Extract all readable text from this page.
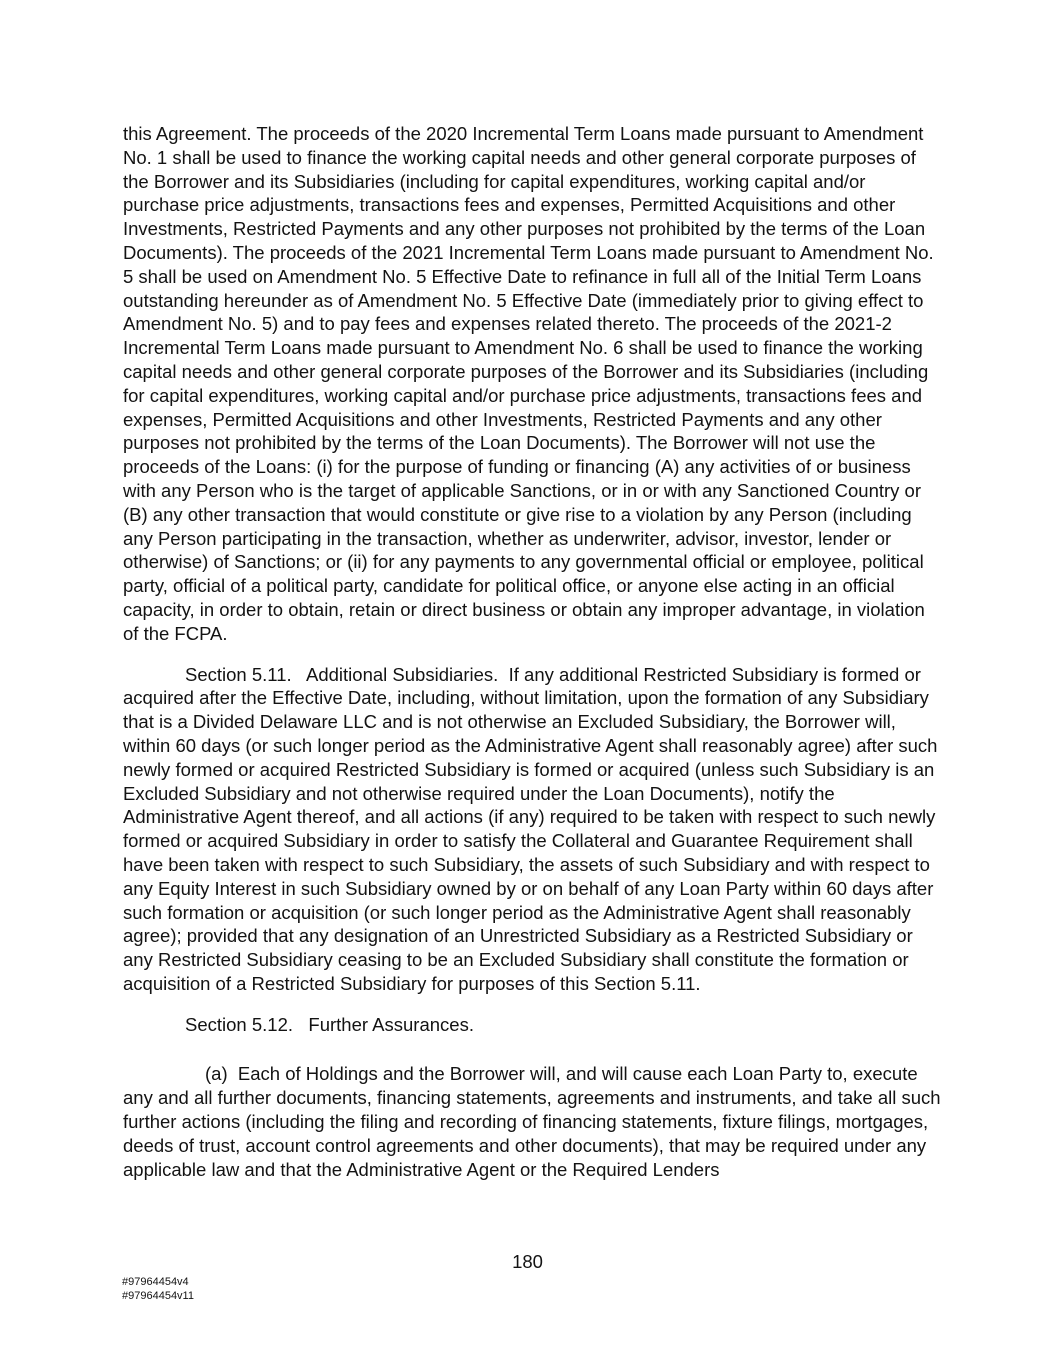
this Agreement. The proceeds of the 2020 Incremental Term Loans made pursuant to Amendment No. 1 shall be used to finance the working capital needs and other general corporate purposes of the Borrower and its Subsidiaries (including for capital expenditures, working capital and/or purchase price adjustments, transactions fees and expenses, Permitted Acquisitions and other Investments, Restricted Payments and any other purposes not prohibited by the terms of the Loan Documents). The proceeds of the 2021 Incremental Term Loans made pursuant to Amendment No. 5 shall be used on Amendment No. 5 Effective Date to refinance in full all of the Initial Term Loans outstanding hereunder as of Amendment No. 5 Effective Date (immediately prior to giving effect to Amendment No. 5) and to pay fees and expenses related thereto. The proceeds of the 2021-2 Incremental Term Loans made pursuant to Amendment No. 6 shall be used to finance the working capital needs and other general corporate purposes of the Borrower and its Subsidiaries (including for capital expenditures, working capital and/or purchase price adjustments, transactions fees and expenses, Permitted Acquisitions and other Investments, Restricted Payments and any other purposes not prohibited by the terms of the Loan Documents). The Borrower will not use the proceeds of the Loans: (i) for the purpose of funding or financing (A) any activities of or business with any Person who is the target of applicable Sanctions, or in or with any Sanctioned Country or (B) any other transaction that would constitute or give rise to a violation by any Person (including any Person participating in the transaction, whether as underwriter, advisor, investor, lender or otherwise) of Sanctions; or (ii) for any payments to any governmental official or employee, political party, official of a political party, candidate for political office, or anyone else acting in an official capacity, in order to obtain, retain or direct business or obtain any improper advantage, in violation of the FCPA.

Section 5.11.   Additional Subsidiaries.  If any additional Restricted Subsidiary is formed or acquired after the Effective Date, including, without limitation, upon the formation of any Subsidiary that is a Divided Delaware LLC and is not otherwise an Excluded Subsidiary, the Borrower will, within 60 days (or such longer period as the Administrative Agent shall reasonably agree) after such newly formed or acquired Restricted Subsidiary is formed or acquired (unless such Subsidiary is an Excluded Subsidiary and not otherwise required under the Loan Documents), notify the Administrative Agent thereof, and all actions (if any) required to be taken with respect to such newly formed or acquired Subsidiary in order to satisfy the Collateral and Guarantee Requirement shall have been taken with respect to such Subsidiary, the assets of such Subsidiary and with respect to any Equity Interest in such Subsidiary owned by or on behalf of any Loan Party within 60 days after such formation or acquisition (or such longer period as the Administrative Agent shall reasonably agree); provided that any designation of an Unrestricted Subsidiary as a Restricted Subsidiary or any Restricted Subsidiary ceasing to be an Excluded Subsidiary shall constitute the formation or acquisition of a Restricted Subsidiary for purposes of this Section 5.11.

Section 5.12.   Further Assurances.

(a)  Each of Holdings and the Borrower will, and will cause each Loan Party to, execute any and all further documents, financing statements, agreements and instruments, and take all such further actions (including the filing and recording of financing statements, fixture filings, mortgages, deeds of trust, account control agreements and other documents), that may be required under any applicable law and that the Administrative Agent or the Required Lenders

180
#97964454v4
#97964454v11
